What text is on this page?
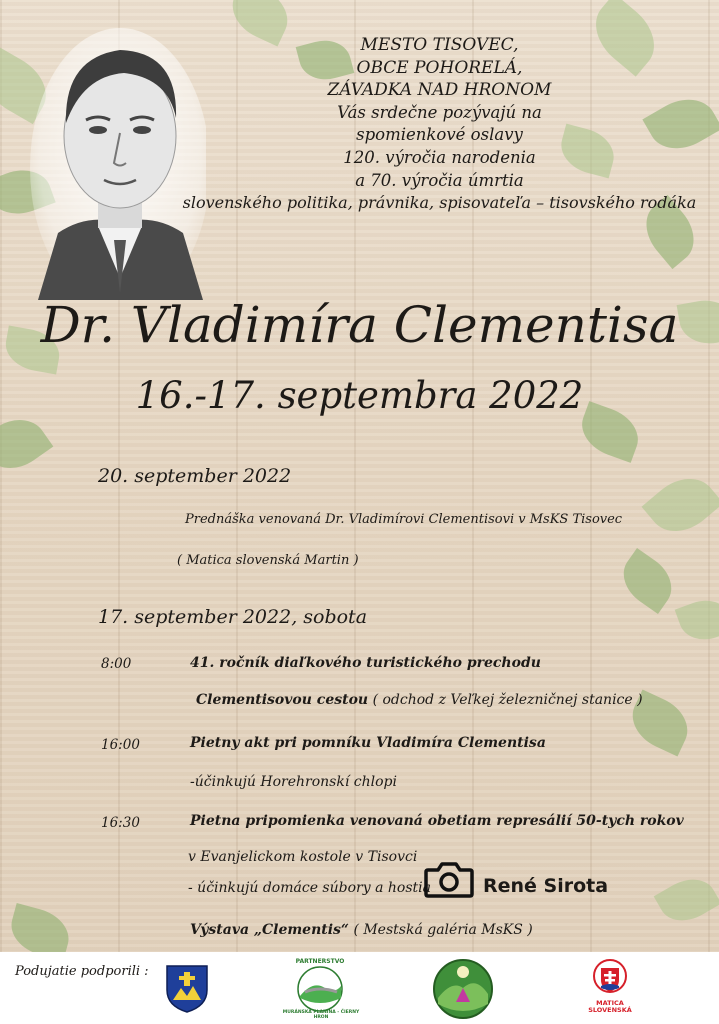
MESTO TISOVEC,
OBCE POHORELÁ,
ZÁVADKA NAD HRONOM
Vás srdečne pozývajú na
spomienkové oslavy
120. výročia narodenia
a 70. výročia úmrtia
slovenského politika, právnika, spisovateľa – tisovského rodáka
Dr. Vladimíra Clementisa
16.-17. septembra 2022
20. september 2022
Prednáška venovaná Dr. Vladimírovi Clementisovi v MsKS Tisovec
( Matica slovenská Martin )
17. september 2022, sobota
8:00	41. ročník diaľkového turistického prechodu
Clementisovou cestou ( odchod z Veľkej železničnej stanice )
16:00	Pietny akt pri pomníku Vladimíra Clementisa
-účinkujú Horehronskí chlopi
16:30	Pietna pripomienka venovaná obetiam represálií 50-tych rokov
v Evanjelickom kostole v Tisovci
- účinkujú domáce súbory a hostia	René Sirota
Výstava „Clementis“ ( Mestská galéria MsKS )
Podujatie podporili :
PARTNERSTVO
MURÁNSKA PLANINA - ČIERNY HRON
MATICA
SLOVENSKÁ
